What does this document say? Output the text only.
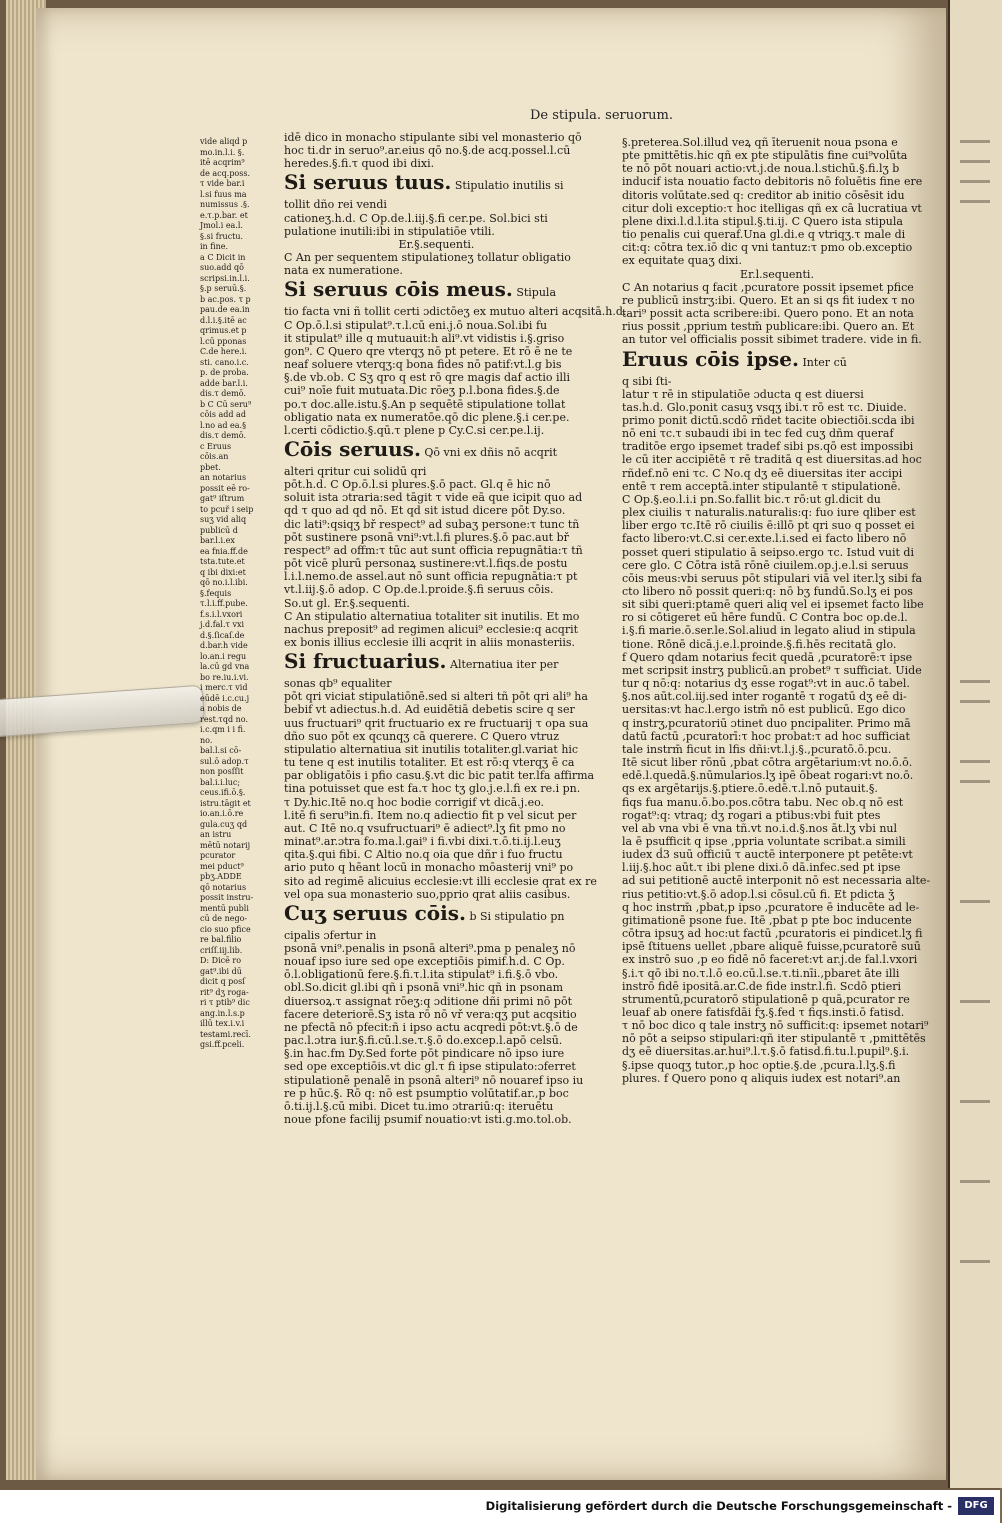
De stipula. seruorum.
vide aliqd p
mo.in.l.i. §.
itē acqrim⁹
de acq.poss.
τ vide bar.i
l.si fuus ma
numissus .§.
e.τ.p.bar. et
Jmol.i ea.l.
§.si fructu.
in fine.
a C Dicit in
suo.add qō
scripsi.in.l.i.
§.p seruū.§.
b ac.pos. τ p
pau.de ea.in
d.l.i.§.itē ac
qrimus.et p
l.cū pponas
C.de here.i.
sti. cano.i.c.
p. de proba.
adde bar.l.i.
dis.τ demō.
b C Cū seru⁹
cōis add ad
l.no ad ea.§
dis.τ demō.
c Eruus
cōis.an
pbet.
an notarius
possit eē ro-
gat⁹ iſtrum
to pcuř i seip
suʒ vid aliq
publicū d
bar.l.i.ex
ea fnia.ff.de
tsta.tute.et
q ibi dixi:et
qō no.i.l.ibi.
§.fequis
τ.l.i.ff.pube.
f.s.i.l.vxori
j.d.fal.τ vxi
d.§.ſicaſ.de
d.bar.h vide
lo.an.i regu
la.cū gd vna
bo re.iu.i.vi.
i merc.τ vid
eūdē i.c.cu.j
a nobis de
rest.τqd no.
i.c.qm i i fi.
no.
bal.l.si cō-
sul.ō adop.τ
non posſſit
bal.i.i.luc;
ceus.ifi.ō.§.
istru.tāgit et
io.an.i.ō.re
gula.cuʒ qd
an istru
mētū notarij
pcurator
mei pduct⁹
pbʒ.ADDE
qō notarius
possit instru-
mentū publi
cū de nego-
cio suo pfice
re bal.filio
criſſ.iij.lib.
D: Dicē ro
gat⁹.ibi dū
dicit q posſ
rit⁹ dʒ roga-
ri τ ptib⁹ dic
ang.in.l.s.p
illū tex.i.v.i
testami.recī.
gsi.ff.pceli.
idē dico in monacho stipulante sibi vel monasterio qō
hoc ti.dr in seruo⁹.ar.eius qō no.§.de acq.possel.l.cū
heredes.§.fi.τ quod ibi dixi.
Si seruus tuus. Stipulatio inutilis si
tollit dño rei vendi
cationeʒ.h.d. C Op.de.l.iij.§.fi cer.pe. Sol.bici sti
pulatione inutili:ibi in stipulatiōe vtili.
Er.§.sequenti.
C An per sequentem stipulationeʒ tollatur obligatio
nata ex numeratione.
Si seruus cōis meus. Stipula
tio facta vni ñ tollit certi ɔdictōeʒ ex mutuo alteri acqsitā.h.d.
C Op.ō.l.si stipulat⁹.τ.l.cū eni.j.ō noua.Sol.ibi fu
it stipulat⁹ ille q mutuauit:h ali⁹.vt vidistis i.§.griso
gon⁹. C Quero qre vterqʒ nō pt petere. Et rō ē ne te
neaf soluere vterqʒ:q bona fides nō patif:vt.l.g bis
§.de vb.ob. C Sʒ qro q est rō qre magis daf actio illi
cui⁹ noīe fuit mutuata.Dic rōeʒ p.l.bona fides.§.de
po.τ doc.alle.istu.§.An p sequētē stipulatione tollat
obligatio nata ex numeratōe.qō dic plene.§.i cer.pe.
l.certi cōdictio.§.qū.τ plene p Cy.C.si cer.pe.l.ij.
Cōis seruus. Qō vni ex dñis nō acqrit
alteri qritur cui solidū qri
pōt.h.d. C Op.ō.l.si plures.§.ō pact. Gl.q ē hic nō
soluit ista ɔtraria:sed tāgit τ vide eā que icipit quo ad
qd τ quo ad qd nō. Et qd sit istud dicere pōt Dy.so.
dic lati⁹:qsiqʒ bř respect⁹ ad subaʒ persone:τ tunc tñ
pōt sustinere psonā vni⁹:vt.l.fi plures.§.ō pac.aut bř
respect⁹ ad offm:τ tūc aut sunt officia repugnātia:τ tñ
pōt vicē plurū personaꝝ sustinere:vt.l.fiqs.de postu
l.i.l.nemo.de assel.aut nō sunt officia repugnātia:τ pt
vt.l.iij.§.ō adop. C Op.de.l.proide.§.fi seruus cōis.
So.ut gl. Er.§.sequenti.
C An stipulatio alternatiua totaliter sit inutilis. Et mo
nachus preposit⁹ ad regimen alicui⁹ ecclesie:q acqrit
ex bonis illius ecclesie illi acqrit in aliis monasteriis.
Si fructuarius. Alternatiua iter per
sonas qb⁹ equaliter
pōt qri viciat stipulatiōnē.sed si alteri tñ pōt qri ali⁹ ha
bebif vt adiectus.h.d. Ad euidētiā debetis scire q ser
uus fructuari⁹ qrit fructuario ex re fructuarij τ opa sua
dño suo pōt ex qcunqʒ cā querere. C Quero vtruz
stipulatio alternatiua sit inutilis totaliter.gl.variat hic
tu tene q est inutilis totaliter. Et est rō:q vterqʒ ē ca
par obligatōis i pfio casu.§.vt dic bic patit ter.lfa affirma
tina potuisset que est fa.τ hoc tʒ glo.j.e.l.fi ex re.i pn.
τ Dy.hic.Itē no.q hoc bodie corrigif vt dicā.j.eo.
l.itē fi seru⁹in.fi. Item no.q adiectio fit p vel sicut per
aut. C Itē no.q vsufructuari⁹ ē adiect⁹.lʒ fit pmo no
minat⁹.ar.ɔtra fo.ma.l.gai⁹ i fi.vbi dixi.τ.ō.ti.ij.l.euʒ
qita.§.qui fibi. C Altio no.q oia que dñr i fuo fructu
ario puto q hēant locū in monacho mōasterij vni⁹ po
sito ad regimē alicuius ecclesie:vt illi ecclesie qrat ex re
vel opa sua monasterio suo,pprio qrat aliis casibus.
Cuʒ seruus cōis. b Si stipulatio pn
cipalis ɔfertur in
psonā vni⁹.penalis in psonā alteri⁹.pma p penaleʒ nō
nouaf ipso iure sed ope exceptiōis pimif.h.d. C Op.
ō.l.obligationū fere.§.fi.τ.l.ita stipulat⁹ i.fi.§.ō vbo.
obl.So.dicit gl.ibi qñ i psonā vni⁹.hic qñ in psonam
diuersoꝝ.τ assignat rōeʒ:q ɔditione dñi primi nō pōt
facere deteriorē.Sʒ ista rō nō vř vera:qʒ put acqsitio
ne pfectā nō pfecit:ñ i ipso actu acqredi pōt:vt.§.ō de
pac.l.ɔtra iur.§.fi.cū.l.se.τ.§.ō do.excep.l.apō celsū.
§.in hac.fm Dy.Sed forte pōt pindicare nō ipso iure
sed ope exceptiōis.vt dic gl.τ fi ipse stipulato:ɔferret
stipulationē penalē in psonā alteri⁹ nō nouaref ipso iu
re p hūc.§. Rō q: nō est psumptio volūtatif.ar.,p boc
ō.ti.ij.l.§.cū mibi. Dicet tu.imo ɔtrariū:q: iteruētu
noue pfone facilij psumif nouatio:vt isti.g.mo.tol.ob.
§.preterea.Sol.illud veꝝ qñ īteruenit noua psona e
pte pmittētis.hic qñ ex pte stipulātis fine cui⁹volūta
te nō pōt nouari actio:vt.j.de noua.l.stichū.§.fi.lʒ b
inducif ista nouatio facto debitoris nō foluētis fine ere
ditoris volūtate.sed q: creditor ab initio cōsēsit idu
citur doli exceptio:τ hoc itelligas qñ ex cā lucratiua vt
plene dixi.l.d.l.ita stipul.§.ti.ij. C Quero ista stipula
tio penalis cui queraf.Una gl.di.e q vtriqʒ.τ male di
cit:q: cōtra tex.iō dic q vni tantuz:τ pmo ob.exceptio
ex equitate quaʒ dixi.
Er.l.sequenti.
C An notarius q facit ,pcuratore possit ipsemet pfice
re publicū instrʒ:ibi. Quero. Et an si qs fit iudex τ no
tari⁹ possit acta scribere:ibi. Quero pono. Et an nota
rius possit ,pprium testm̄ publicare:ibi. Quero an. Et
an tutor vel officialis possit sibimet tradere. vide in fi.
Eruus cōis ipse. Inter cū
q sibi ſti-
latur τ rē in stipulatiōe ɔducta q est diuersi
tas.h.d. Glo.ponit casuʒ vsqʒ ibi.τ rō est τc. Diuide.
primo ponit dictū.scdō rñdet tacite obiectiōi.scda ibi
nō eni τc.τ subaudi ibi in tec fed cuʒ dñm queraf
traditōe ergo ipsemet tradef sibi ps.qō est impossibi
le cū iter accipiētē τ rē traditā q est diuersitas.ad hoc
rñdef.nō eni τc. C No.q dʒ eē diuersitas iter accipi
entē τ rem acceptā.inter stipulantē τ stipulationē.
C Op.§.eo.l.i.i pn.So.fallit bic.τ rō:ut gl.dicit du
plex ciuilis τ naturalis.naturalis:q: fuo iure qliber est
liber ergo τc.Itē rō ciuilis ē:illō pt qri suo q posset ei
facto libero:vt.C.si cer.exte.l.i.sed ei facto libero nō
posset queri stipulatio ā seipso.ergo τc. Istud vuit di
cere glo. C Cōtra istā rōnē ciuilem.op.j.e.l.si seruus
cōis meus:vbi seruus pōt stipulari viā vel iter.lʒ sibi fa
cto libero nō possit queri:q: nō bʒ fundū.So.lʒ ei pos
sit sibi queri:ptamē queri aliq vel ei ipsemet facto libe
ro si cōtigeret eū hēre fundū. C Contra boc op.de.l.
i.§.fi marie.ō.ser.le.Sol.aliud in legato aliud in stipula
tione. Rōnē dicā.j.e.l.proinde.§.fi.hēs recitatā glo.
f Quero qdam notarius fecit quedā ,pcuratorē:τ ipse
met scripsit instrʒ publicū.an probet⁹ τ sufficiat. Uide
tur q nō:q: notarius dʒ esse rogat⁹:vt in auc.ō tabel.
§.nos aūt.col.iij.sed inter rogantē τ rogatū dʒ eē di-
uersitas:vt hac.l.ergo istm̄ nō est publicū. Ego dico
q instrʒ,pcuratoriū ɔtinet duo pncipaliter. Primo mā
datū factū ,pcuratorī:τ hoc probat:τ ad hoc sufficiat
tale instrm̄ ficut in lfis dñi:vt.l.j.§.,pcuratō.ō.pcu.
Itē sicut liber rōnū ,pbat cōtra argētarium:vt no.ō.ō.
edē.l.quedā.§.nūmularios.lʒ ipē ōbeat rogari:vt no.ō.
qs ex argētarijs.§.ptiere.ō.edē.τ.l.nō putauit.§.
fiqs fua manu.ō.bo.pos.cōtra tabu. Nec ob.q nō est
rogat⁹:q: vtraq; dʒ rogari a ptibus:vbi fuit ptes
vel ab vna vbi ē vna tñ.vt no.i.d.§.nos āt.lʒ vbi nul
la ē psufficit q ipse ,ppria voluntate scribat.a simili
iudex ḋ3 suū officiū τ auctē interponere pt petēte:vt
l.iij.§.hoc aūt.τ ibi plene dixi.ō dā.infec.sed pt ipse
ad sui petitionē auctē interponit nō est necessaria alte-
rius petitio:vt.§.ō adop.l.si cōsul.cū fi. Et pdicta ǯ
q hoc instrm̄ ,pbat,p ipso ,pcuratore ē inducēte ad le-
gitimationē psone fue. Itē ,pbat p pte boc inducente
cōtra ipsuʒ ad hoc:ut factū ,pcuratoris ei pindicet.lʒ fi
ipsē ſtituens uellet ,pbare aliquē fuisse,pcuratorē suū
ex instrō suo ,p eo fidē nō faceret:vt ar.j.de fal.l.vxori
§.i.τ qō ibi no.τ.l.ō eo.cū.l.se.τ.ti.nīi.,pbaret āte illi
instrō fidē ipositā.ar.C.de fide instr.l.fi. Scdō ptieri
strumentū,pcuratorō stipulationē p quā,pcurator re
leuaf ab onere fatisfdāi fʒ.§.fed τ fiqs.insti.ō fatisd.
τ nō boc dico q tale instrʒ nō sufficit:q: ipsemet notari⁹
nō pōt a seipso stipulari:qñ iter stipulantē τ ,pmittētēs
dʒ eē diuersitas.ar.hui⁹.l.τ.§.ō fatisd.fi.tu.l.pupil⁹.§.i.
§.ipse quoqʒ tutor.,p hoc optie.§.de ,pcura.l.lʒ.§.fi
plures. f Quero pono q aliquis iudex est notari⁹.an
Digitalisierung gefördert durch die Deutsche Forschungsgemeinschaft -	DFG
